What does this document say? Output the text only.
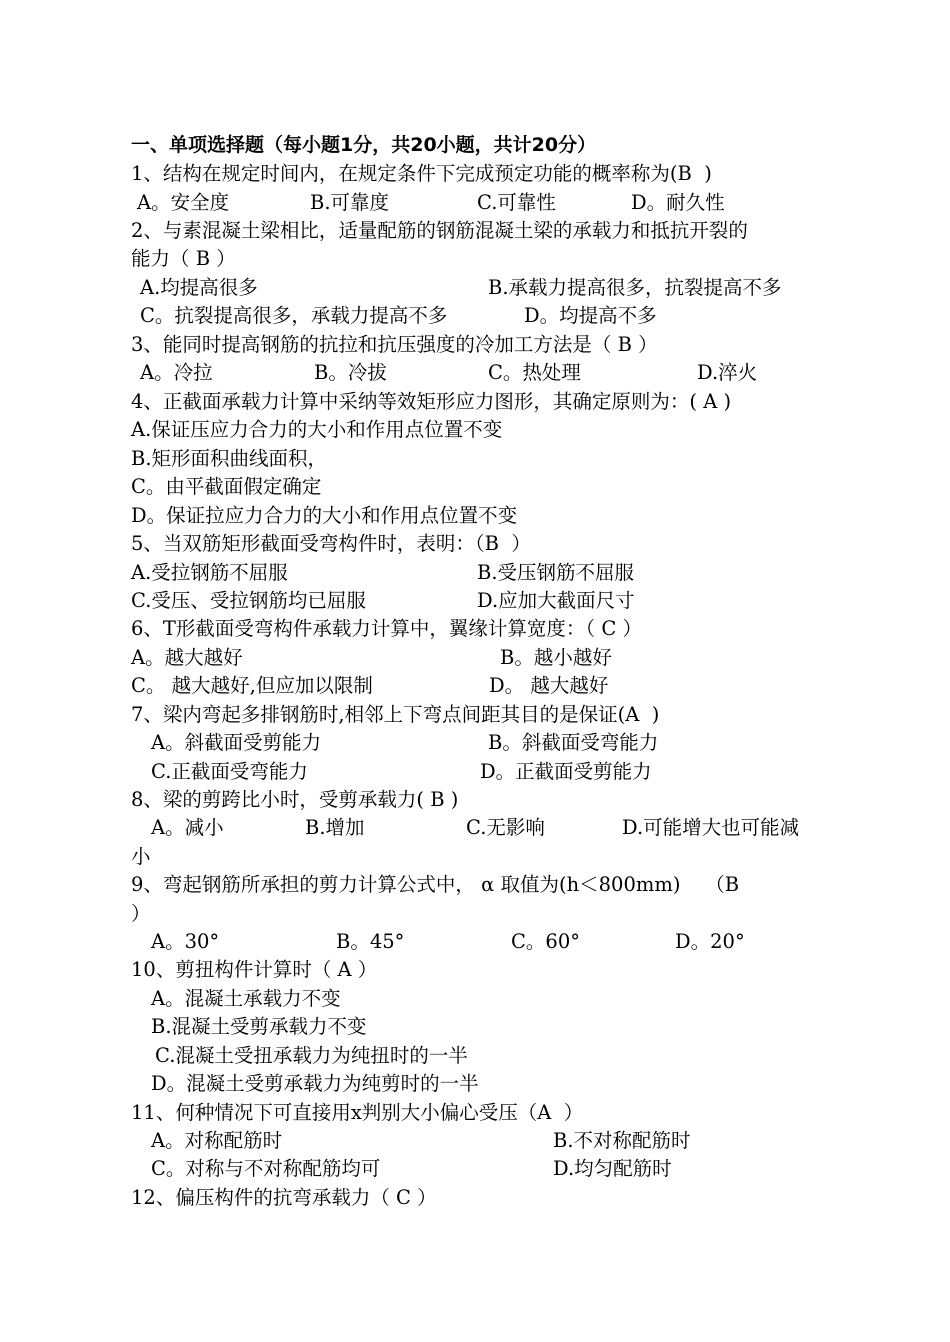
一、单项选择题（每小题1分，共20小题，共计20分）
1、结构在规定时间内，在规定条件下完成预定功能的概率称为(B  )
A。安全度	B.可靠度	C.可靠性	D。耐久性
2、与素混凝土梁相比，适量配筋的钢筋混凝土梁的承载力和抵抗开裂的
能力（ B ）
A.均提高很多	B.承载力提高很多，抗裂提高不多
C。抗裂提高很多，承载力提高不多	D。均提高不多
3、能同时提高钢筋的抗拉和抗压强度的冷加工方法是（ B ）
A。冷拉	B。冷拔	C。热处理	D.淬火
4、正截面承载力计算中采纳等效矩形应力图形，其确定原则为：( A )
A.保证压应力合力的大小和作用点位置不变
B.矩形面积曲线面积，
C。由平截面假定确定
D。保证拉应力合力的大小和作用点位置不变
5、当双筋矩形截面受弯构件时，表明：（B  ）
A.受拉钢筋不屈服	B.受压钢筋不屈服
C.受压、受拉钢筋均已屈服	D.应加大截面尺寸
6、T形截面受弯构件承载力计算中，翼缘计算宽度：（ C ）
A。越大越好	B。越小越好
C。 越大越好,但应加以限制	D。 越大越好
7、梁内弯起多排钢筋时,相邻上下弯点间距其目的是保证(A  )
A。斜截面受剪能力	B。斜截面受弯能力
C.正截面受弯能力	D。正截面受剪能力
8、梁的剪跨比小时，受剪承载力( B )
A。减小	B.增加	C.无影响	D.可能增大也可能减
小
9、弯起钢筋所承担的剪力计算公式中， α 取值为(h＜800mm)    （B
）
A。30°	B。45°	C。60°	D。20°
10、剪扭构件计算时（ A ）
A。混凝土承载力不变
B.混凝土受剪承载力不变
C.混凝土受扭承载力为纯扭时的一半
D。混凝土受剪承载力为纯剪时的一半
11、何种情况下可直接用x判别大小偏心受压（A  ）
A。对称配筋时	B.不对称配筋时
C。对称与不对称配筋均可	D.均匀配筋时
12、偏压构件的抗弯承载力（ C ）
